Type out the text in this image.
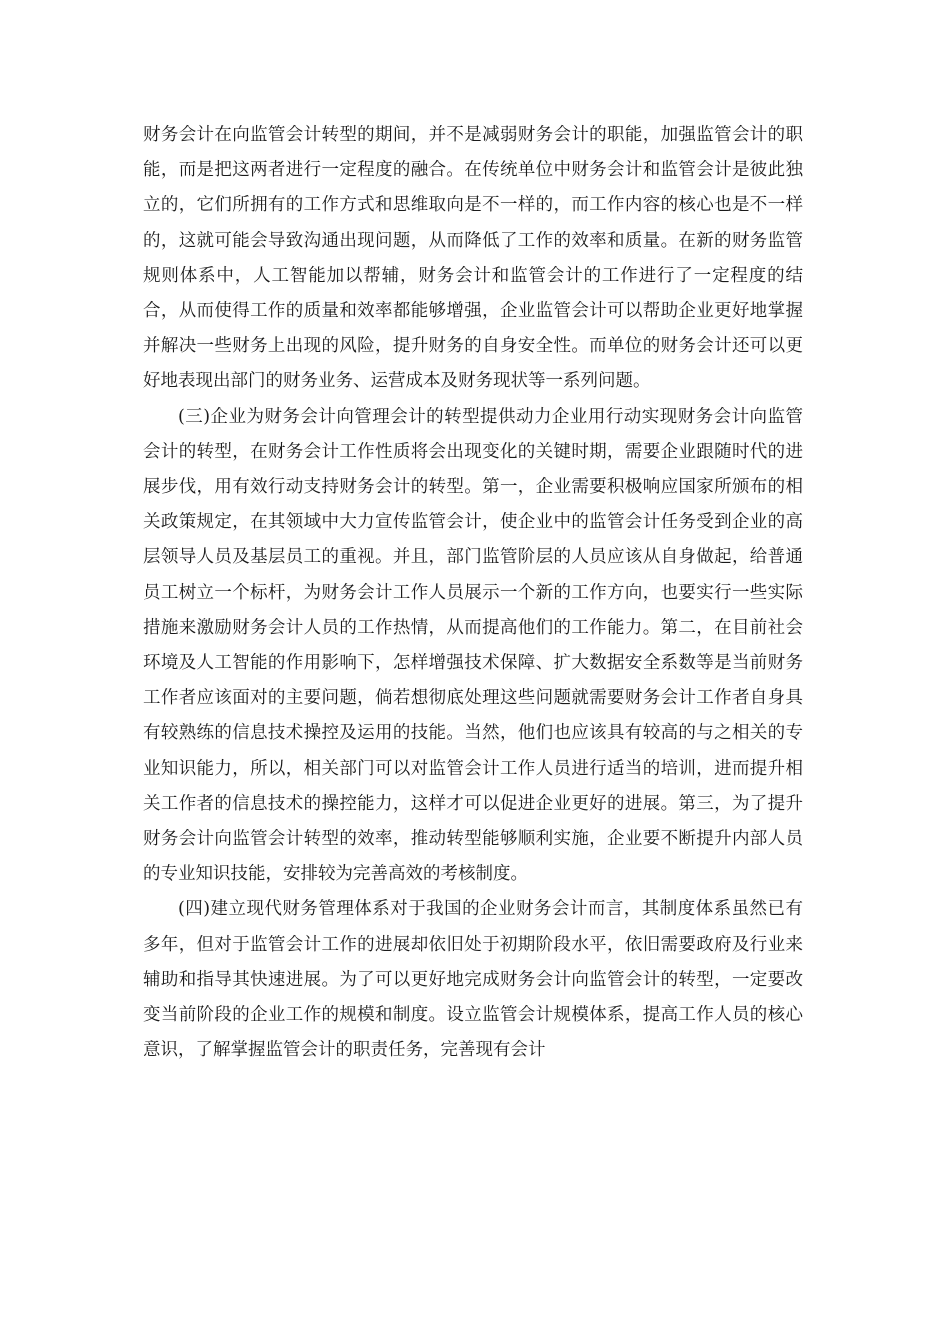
财务会计在向监管会计转型的期间，并不是减弱财务会计的职能，加强监管会计的职能，而是把这两者进行一定程度的融合。在传统单位中财务会计和监管会计是彼此独立的，它们所拥有的工作方式和思维取向是不一样的，而工作内容的核心也是不一样的，这就可能会导致沟通出现问题，从而降低了工作的效率和质量。在新的财务监管规则体系中，人工智能加以帮辅，财务会计和监管会计的工作进行了一定程度的结合，从而使得工作的质量和效率都能够增强，企业监管会计可以帮助企业更好地掌握并解决一些财务上出现的风险，提升财务的自身安全性。而单位的财务会计还可以更好地表现出部门的财务业务、运营成本及财务现状等一系列问题。

(三)企业为财务会计向管理会计的转型提供动力企业用行动实现财务会计向监管会计的转型，在财务会计工作性质将会出现变化的关键时期，需要企业跟随时代的进展步伐，用有效行动支持财务会计的转型。第一，企业需要积极响应国家所颁布的相关政策规定，在其领域中大力宣传监管会计，使企业中的监管会计任务受到企业的高层领导人员及基层员工的重视。并且，部门监管阶层的人员应该从自身做起，给普通员工树立一个标杆，为财务会计工作人员展示一个新的工作方向，也要实行一些实际措施来激励财务会计人员的工作热情，从而提高他们的工作能力。第二，在目前社会环境及人工智能的作用影响下，怎样增强技术保障、扩大数据安全系数等是当前财务工作者应该面对的主要问题，倘若想彻底处理这些问题就需要财务会计工作者自身具有较熟练的信息技术操控及运用的技能。当然，他们也应该具有较高的与之相关的专业知识能力，所以，相关部门可以对监管会计工作人员进行适当的培训，进而提升相关工作者的信息技术的操控能力，这样才可以促进企业更好的进展。第三，为了提升财务会计向监管会计转型的效率，推动转型能够顺利实施，企业要不断提升内部人员的专业知识技能，安排较为完善高效的考核制度。

(四)建立现代财务管理体系对于我国的企业财务会计而言，其制度体系虽然已有多年，但对于监管会计工作的进展却依旧处于初期阶段水平，依旧需要政府及行业来辅助和指导其快速进展。为了可以更好地完成财务会计向监管会计的转型，一定要改变当前阶段的企业工作的规模和制度。设立监管会计规模体系，提高工作人员的核心意识，了解掌握监管会计的职责任务，完善现有会计
